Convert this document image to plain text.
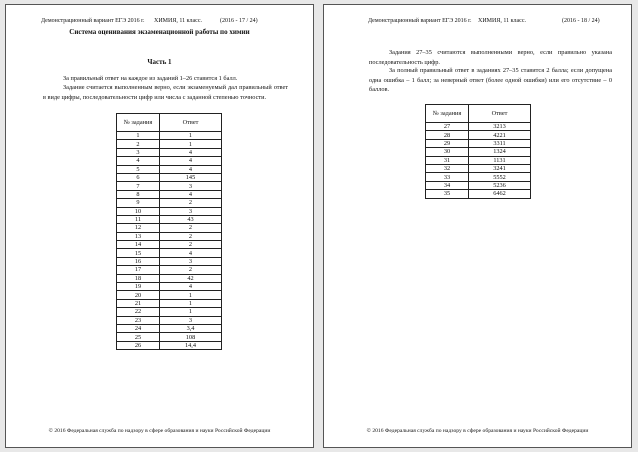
Демонстрационный вариант ЕГЭ 2016 г. ХИМИЯ, 11 класс.	(2016 - 17 / 24)
Система оценивания экзаменационной работы по химии
Часть 1
За правильный ответ на каждое из заданий 1–26 ставится 1 балл.
Задание считается выполненным верно, если экзаменуемый дал правильный ответ в виде цифры, последовательности цифр или числа с заданной степенью точности.
№ задания	Ответ
1	1
2	1
3	4
4	4
5	4
6	145
7	3
8	4
9	2
10	3
11	43
12	2
13	2
14	2
15	4
16	3
17	2
18	42
19	4
20	1
21	1
22	1
23	3
24	3,4
25	108
26	14,4
© 2016 Федеральная служба по надзору в сфере образования и науки Российской Федерации
Демонстрационный вариант ЕГЭ 2016 г. ХИМИЯ, 11 класс.	(2016 - 18 / 24)
Задания 27–35 считаются выполненными верно, если правильно указана последовательность цифр.
За полный правильный ответ в заданиях 27–35 ставится 2 балла; если допущена одна ошибка – 1 балл; за неверный ответ (более одной ошибки) или его отсутствие – 0 баллов.
№ задания	Ответ
27	3213
28	4221
29	3311
30	1324
31	1131
32	3241
33	5552
34	5236
35	6462
© 2016 Федеральная служба по надзору в сфере образования и науки Российской Федерации
